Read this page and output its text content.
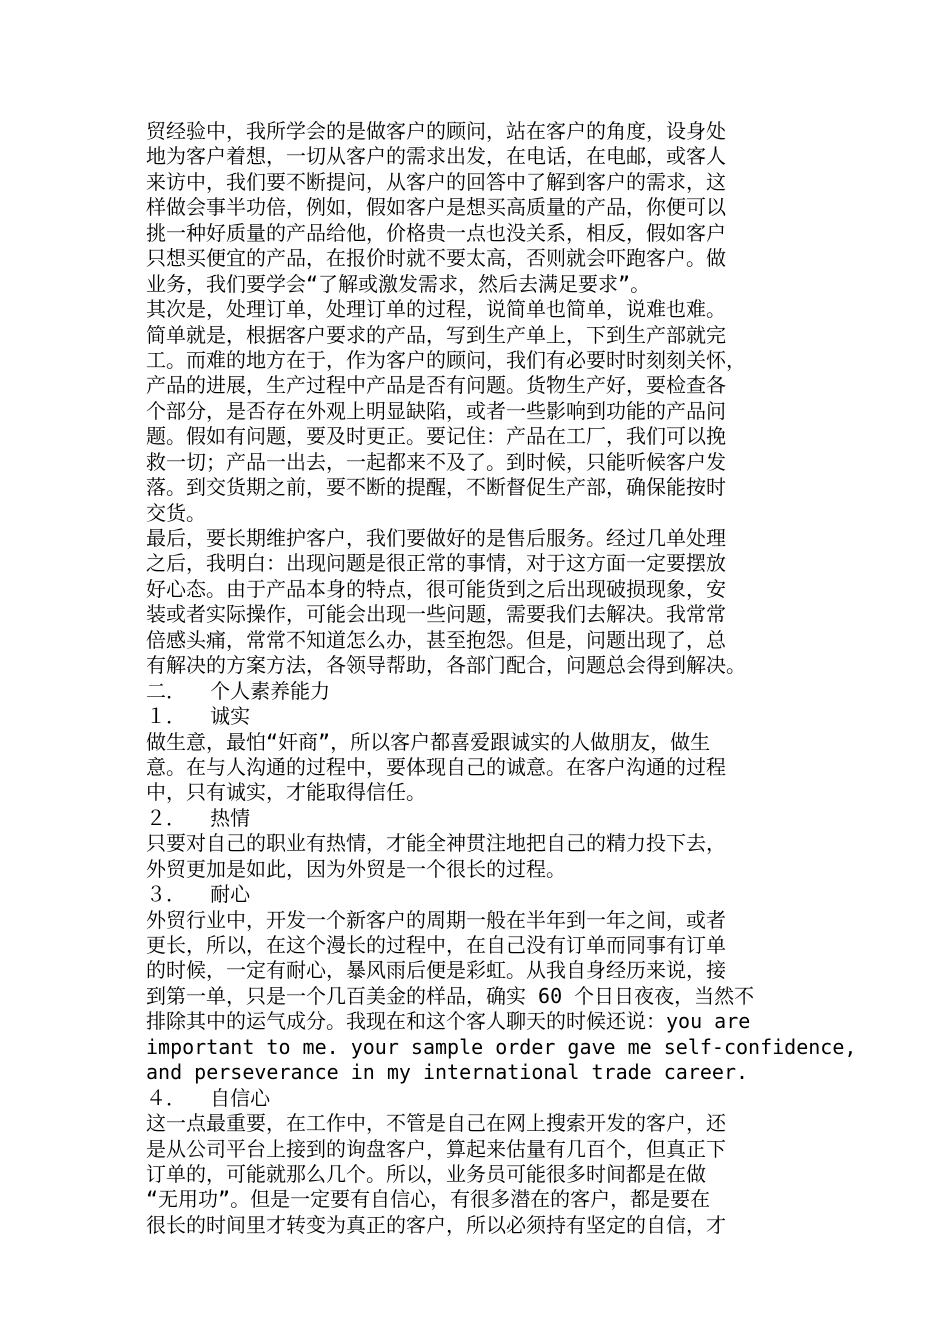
贸经验中，我所学会的是做客户的顾问，站在客户的角度，设身处
地为客户着想，一切从客户的需求出发，在电话，在电邮，或客人
来访中，我们要不断提问，从客户的回答中了解到客户的需求，这
样做会事半功倍，例如，假如客户是想买高质量的产品，你便可以
挑一种好质量的产品给他，价格贵一点也没关系，相反，假如客户
只想买便宜的产品，在报价时就不要太高，否则就会吓跑客户。做
业务，我们要学会“了解或激发需求，然后去满足要求”。
其次是，处理订单，处理订单的过程，说简单也简单，说难也难。
简单就是，根据客户要求的产品，写到生产单上，下到生产部就完
工。而难的地方在于，作为客户的顾问，我们有必要时时刻刻关怀，
产品的进展，生产过程中产品是否有问题。货物生产好，要检查各
个部分，是否存在外观上明显缺陷，或者一些影响到功能的产品问
题。假如有问题，要及时更正。要记住：产品在工厂，我们可以挽
救一切；产品一出去，一起都来不及了。到时候，只能听候客户发
落。到交货期之前，要不断的提醒，不断督促生产部，确保能按时
交货。
最后，要长期维护客户，我们要做好的是售后服务。经过几单处理
之后，我明白：出现问题是很正常的事情，对于这方面一定要摆放
好心态。由于产品本身的特点，很可能货到之后出现破损现象，安
装或者实际操作，可能会出现一些问题，需要我们去解决。我常常
倍感头痛，常常不知道怎么办，甚至抱怨。但是，问题出现了，总
有解决的方案方法，各领导帮助，各部门配合，问题总会得到解决。
二．  个人素养能力
１．  诚实
做生意，最怕“奸商”，所以客户都喜爱跟诚实的人做朋友，做生
意。在与人沟通的过程中，要体现自己的诚意。在客户沟通的过程
中，只有诚实，才能取得信任。
２．  热情
只要对自己的职业有热情，才能全神贯注地把自己的精力投下去，
外贸更加是如此，因为外贸是一个很长的过程。
３．  耐心
外贸行业中，开发一个新客户的周期一般在半年到一年之间，或者
更长，所以，在这个漫长的过程中，在自己没有订单而同事有订单
的时候，一定有耐心，暴风雨后便是彩虹。从我自身经历来说，接
到第一单，只是一个几百美金的样品，确实 60 个日日夜夜，当然不
排除其中的运气成分。我现在和这个客人聊天的时候还说：you are
important to me. your sample order gave me self-confidence,
and perseverance in my international trade career.
４．  自信心
这一点最重要，在工作中，不管是自己在网上搜索开发的客户，还
是从公司平台上接到的询盘客户，算起来估量有几百个，但真正下
订单的，可能就那么几个。所以，业务员可能很多时间都是在做
“无用功”。但是一定要有自信心，有很多潜在的客户，都是要在
很长的时间里才转变为真正的客户，所以必须持有坚定的自信，才
